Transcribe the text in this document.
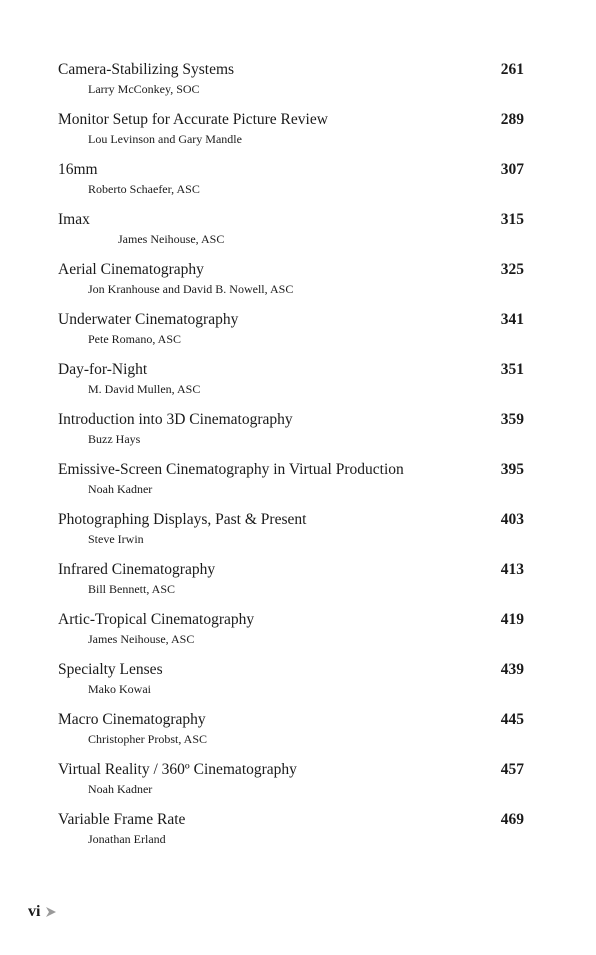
Camera-Stabilizing Systems	261
Larry McConkey, SOC
Monitor Setup for Accurate Picture Review	289
Lou Levinson and Gary Mandle
16mm	307
Roberto Schaefer, ASC
Imax	315
James Neihouse, ASC
Aerial Cinematography	325
Jon Kranhouse and David B. Nowell, ASC
Underwater Cinematography	341
Pete Romano, ASC
Day-for-Night	351
M. David Mullen, ASC
Introduction into 3D Cinematography	359
Buzz Hays
Emissive-Screen Cinematography in Virtual Production	395
Noah Kadner
Photographing Displays, Past & Present	403
Steve Irwin
Infrared Cinematography	413
Bill Bennett, ASC
Artic-Tropical Cinematography	419
James Neihouse, ASC
Specialty Lenses	439
Mako Kowai
Macro Cinematography	445
Christopher Probst, ASC
Virtual Reality / 360º Cinematography	457
Noah Kadner
Variable Frame Rate	469
Jonathan Erland
vi
